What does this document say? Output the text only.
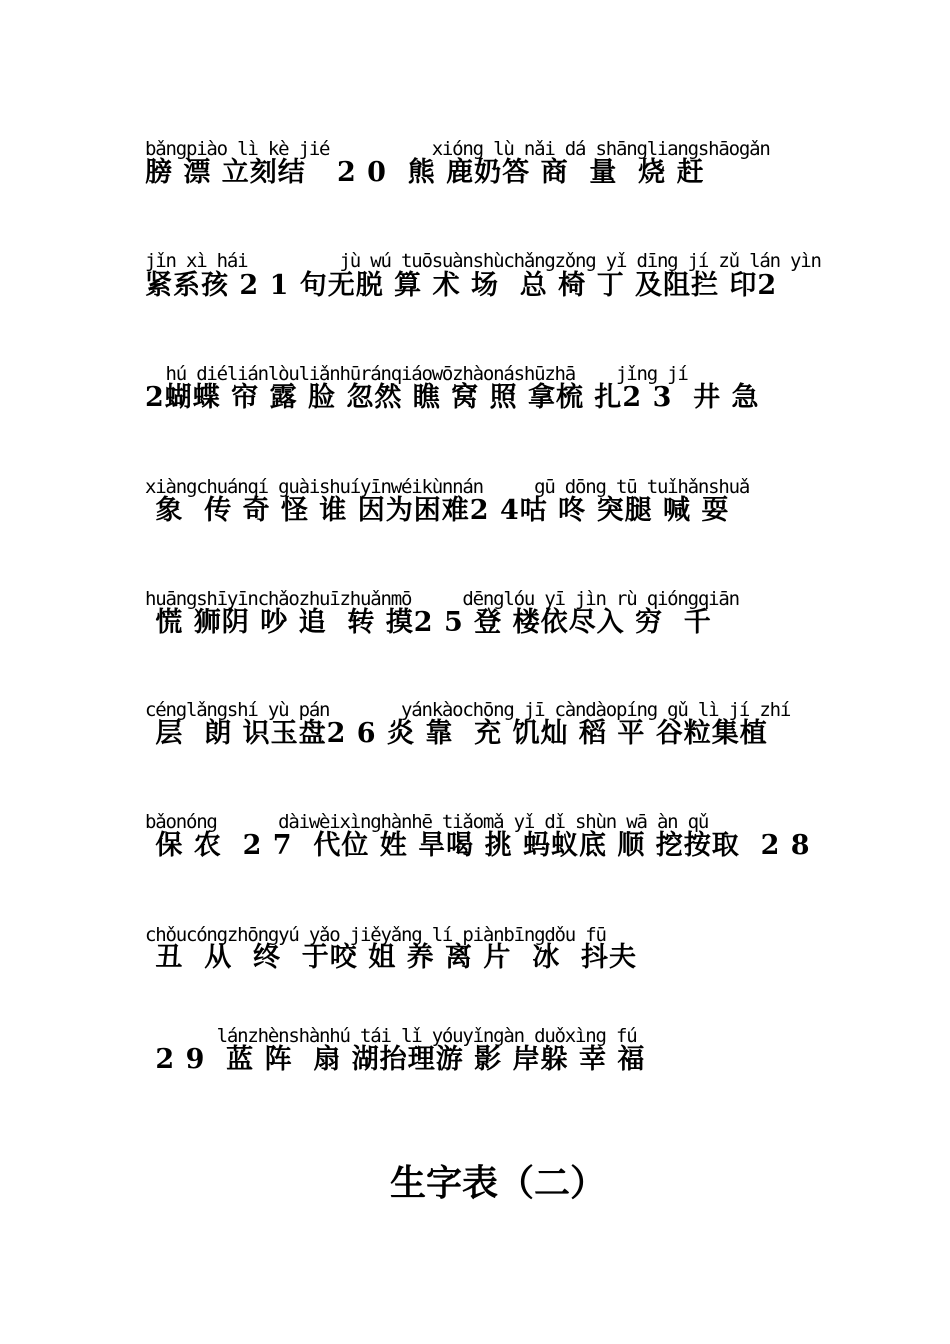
bǎngpiào lì kè jié          xióng lù nǎi dá shāngliangshāogǎn
膀 漂 立刻结   2 0  熊 鹿奶答 商  量  烧 赶
jǐn xì hái         jù wú tuōsuànshùchǎngzǒng yǐ dīng jí zǔ lán yìn
紧系孩 2 1 句无脱 算 术 场  总 椅 丁 及阻拦 印2
hú diéliánlòuliǎnhūránqiáowōzhàonáshūzhā    jǐng jí
2蝴蝶 帘 露 脸 忽然 瞧 窝 照 拿梳 扎2 3  井 急
xiàngchuánqí guàishuíyīnwéikùnnán     gū dōng tū tuǐhǎnshuǎ
象  传 奇 怪 谁 因为困难2 4咕 咚 突腿 喊 耍
huāngshīyīnchǎozhuīzhuǎnmō     dēnglóu yī jìn rù qióngqiān
慌 狮阴 吵 追  转 摸2 5 登 楼依尽入 穷  千
cénglǎngshí yù pán       yánkàochōng jī càndàopíng gǔ lì jí zhí
层  朗 识玉盘2 6 炎 靠  充 饥灿 稻 平 谷粒集植
bǎonóng      dàiwèixìnghànhē tiǎomǎ yǐ dǐ shùn wā àn qǔ
保 农  2 7  代位 姓 旱喝 挑 蚂蚁底 顺 挖按取  2 8
chǒucóngzhōngyú yǎo jiěyǎng lí piànbīngdǒu fū
丑  从  终  于咬 姐 养 离 片  冰  抖夫
lánzhènshànhú tái lǐ yóuyǐngàn duǒxìng fú
2 9  蓝 阵  扇 湖抬理游 影 岸躲 幸 福
生字表（二）
